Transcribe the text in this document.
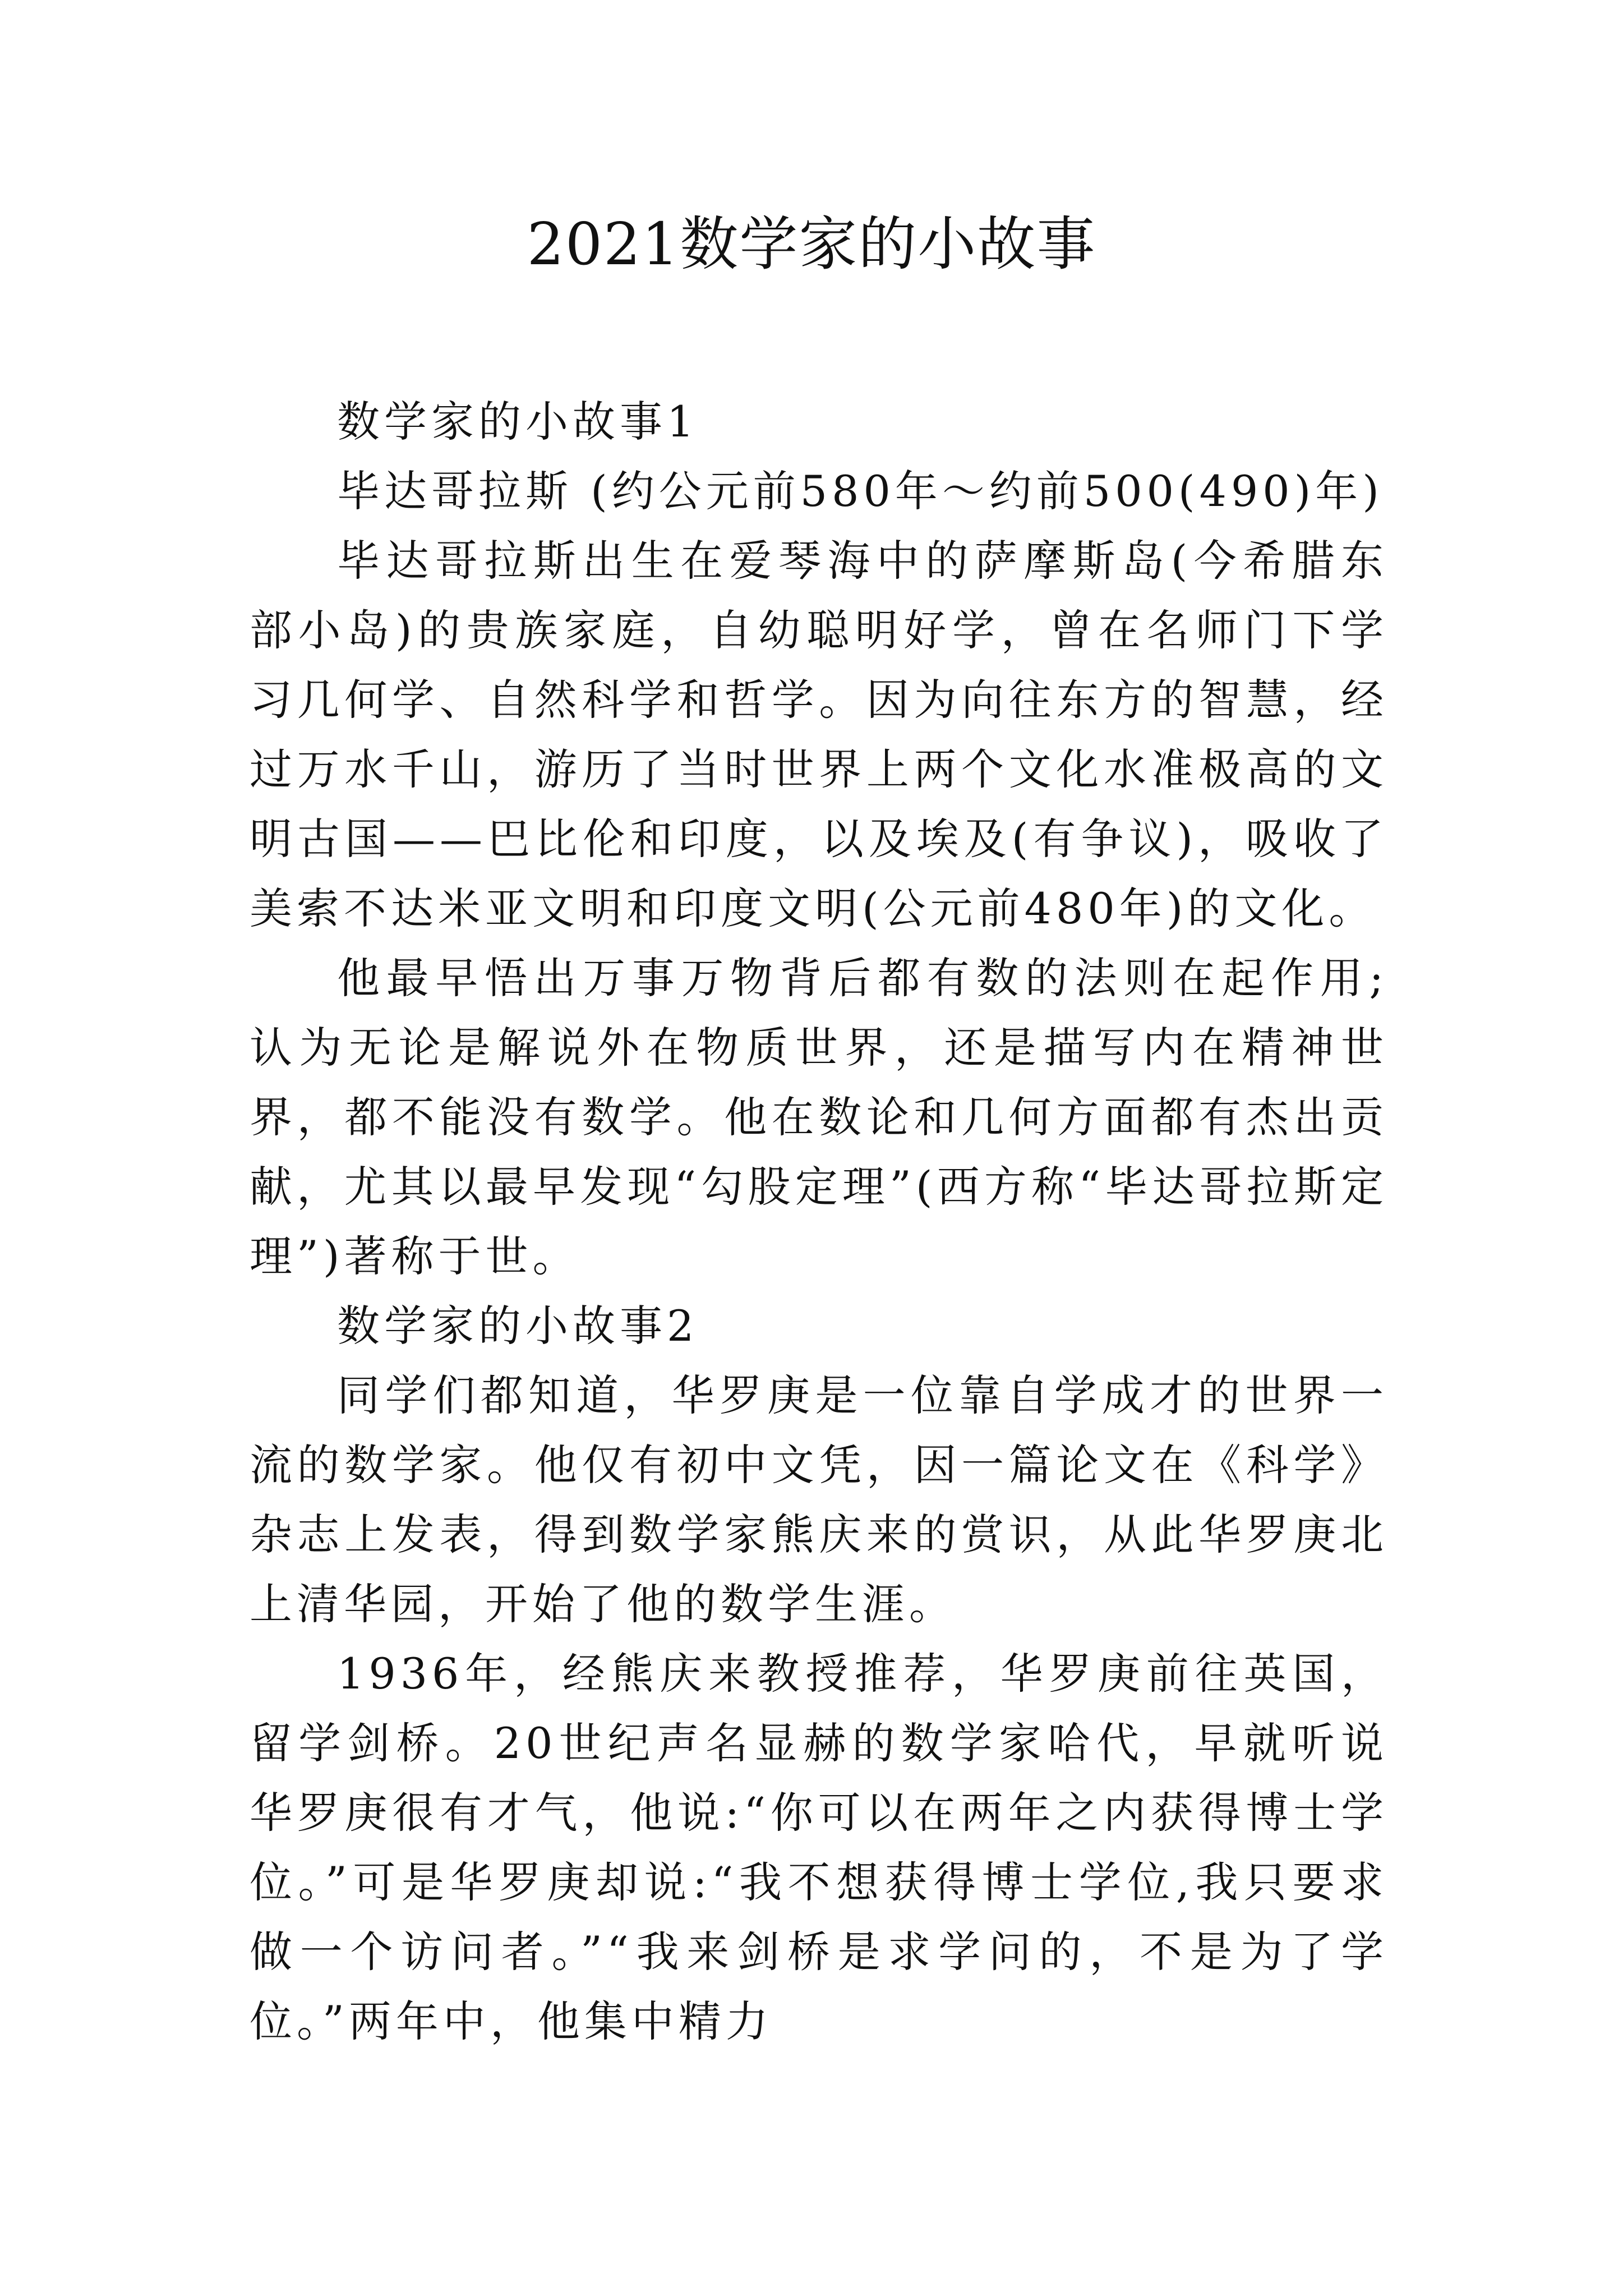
2021数学家的小故事

数学家的小故事1

毕达哥拉斯 (约公元前580年～约前500(490)年)

毕达哥拉斯出生在爱琴海中的萨摩斯岛(今希腊东部小岛)的贵族家庭，自幼聪明好学，曾在名师门下学习几何学、自然科学和哲学。因为向往东方的智慧，经过万水千山，游历了当时世界上两个文化水准极高的文明古国——巴比伦和印度，以及埃及(有争议)，吸收了美索不达米亚文明和印度文明(公元前480年)的文化。

他最早悟出万事万物背后都有数的法则在起作用;认为无论是解说外在物质世界，还是描写内在精神世界，都不能没有数学。他在数论和几何方面都有杰出贡献，尤其以最早发现“勾股定理”(西方称“毕达哥拉斯定理”)著称于世。

数学家的小故事2

同学们都知道，华罗庚是一位靠自学成才的世界一流的数学家。他仅有初中文凭，因一篇论文在《科学》杂志上发表，得到数学家熊庆来的赏识，从此华罗庚北上清华园，开始了他的数学生涯。

1936年，经熊庆来教授推荐，华罗庚前往英国，留学剑桥。20世纪声名显赫的数学家哈代，早就听说华罗庚很有才气，他说:“你可以在两年之内获得博士学位。”可是华罗庚却说:“我不想获得博士学位,我只要求做一个访问者。”“我来剑桥是求学问的，不是为了学位。”两年中，他集中精力
